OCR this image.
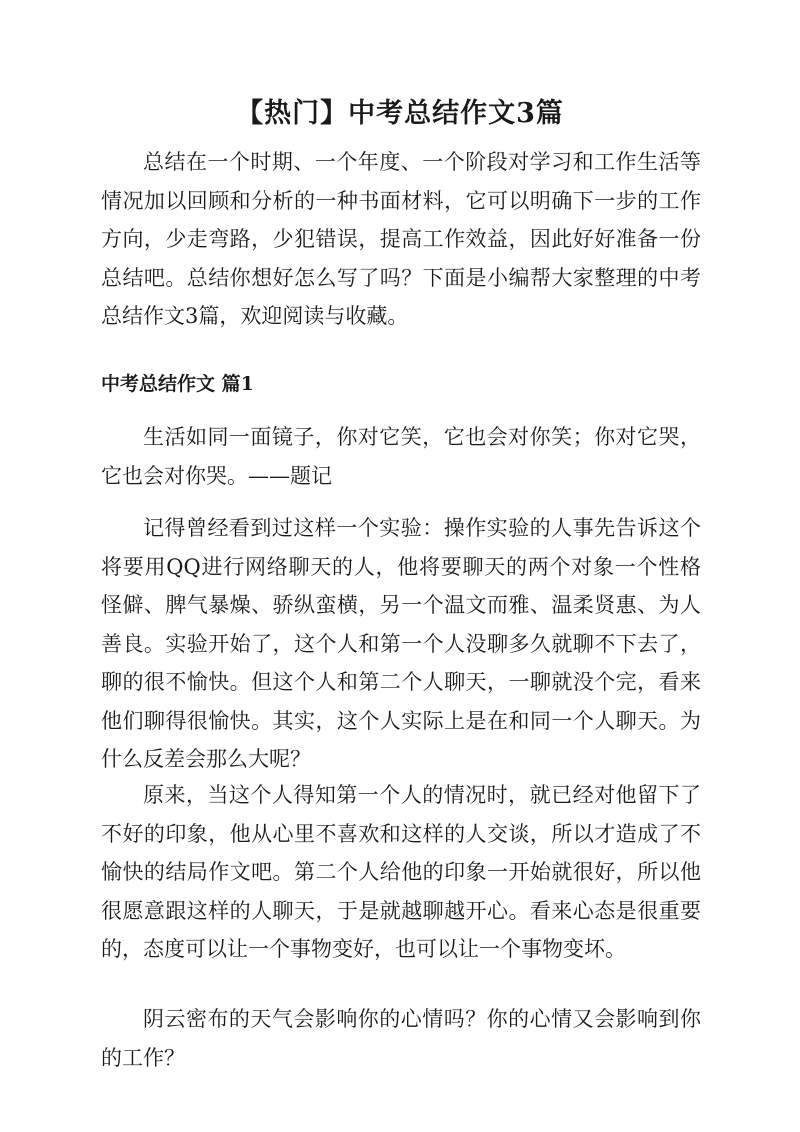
【热门】中考总结作文3篇

总结在一个时期、一个年度、一个阶段对学习和工作生活等情况加以回顾和分析的一种书面材料，它可以明确下一步的工作方向，少走弯路，少犯错误，提高工作效益，因此好好准备一份总结吧。总结你想好怎么写了吗？下面是小编帮大家整理的中考总结作文3篇，欢迎阅读与收藏。

中考总结作文 篇1

生活如同一面镜子，你对它笑，它也会对你笑；你对它哭，它也会对你哭。——题记

记得曾经看到过这样一个实验：操作实验的人事先告诉这个将要用QQ进行网络聊天的人，他将要聊天的两个对象一个性格怪僻、脾气暴燥、骄纵蛮横，另一个温文而雅、温柔贤惠、为人善良。实验开始了，这个人和第一个人没聊多久就聊不下去了，聊的很不愉快。但这个人和第二个人聊天，一聊就没个完，看来他们聊得很愉快。其实，这个人实际上是在和同一个人聊天。为什么反差会那么大呢？

原来，当这个人得知第一个人的情况时，就已经对他留下了不好的印象，他从心里不喜欢和这样的人交谈，所以才造成了不愉快的结局作文吧。第二个人给他的印象一开始就很好，所以他很愿意跟这样的人聊天，于是就越聊越开心。看来心态是很重要的，态度可以让一个事物变好，也可以让一个事物变坏。

阴云密布的天气会影响你的心情吗？你的心情又会影响到你的工作？
